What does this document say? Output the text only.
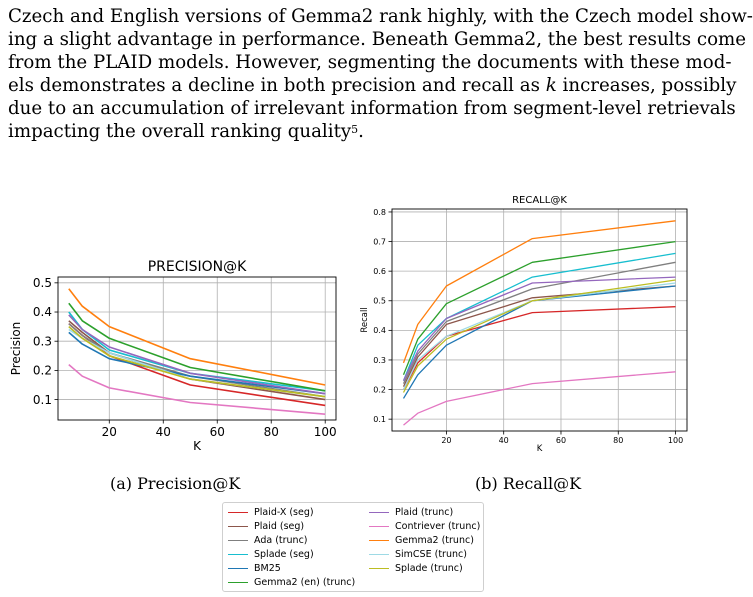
Czech and English versions of Gemma2 rank highly, with the Czech model show-
ing a slight advantage in performance. Beneath Gemma2, the best results come
from the PLAID models. However, segmenting the documents with these mod-
els demonstrates a decline in both precision and recall as k increases, possibly
due to an accumulation of irrelevant information from segment-level retrievals
impacting the overall ranking quality$^5$.
PRECISION@K
K
Precision
20	40	60	80	100
0.1
0.2
0.3
0.4
0.5
RECALL@K
K
Recall
20	40	60	80	100
0.1
0.2
0.3
0.4
0.5
0.6
0.7
0.8
(a) Precision@K	(b) Recall@K
Plaid-X (seg)
Plaid (seg)
Ada (trunc)
Splade (seg)
BM25
Gemma2 (en) (trunc)
Plaid (trunc)
Contriever (trunc)
Gemma2 (trunc)
SimCSE (trunc)
Splade (trunc)
